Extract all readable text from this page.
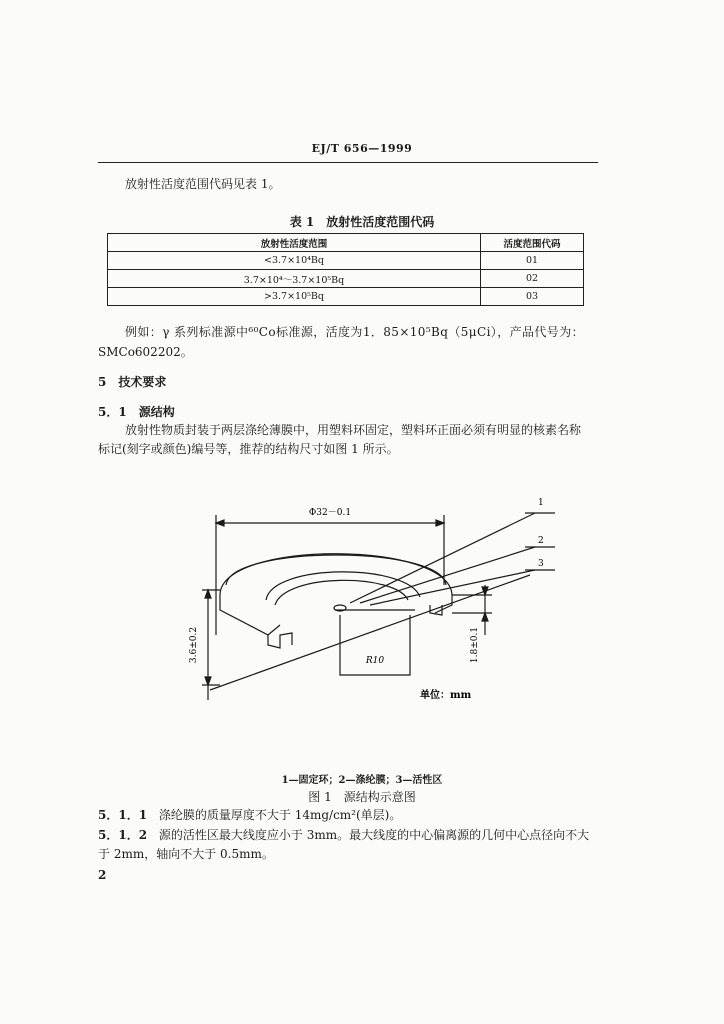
EJ/T 656—1999
放射性活度范围代码见表 1。
表 1　放射性活度范围代码
放射性活度范围	活度范围代码
<3.7×10⁴Bq	01
3.7×10⁴～3.7×10⁵Bq	02
>3.7×10⁵Bq	03
例如：γ 系列标准源中⁶⁰Co标准源，活度为1．85×10⁵Bq（5μCi），产品代号为：
SMCo602202。
5　技术要求
5．1　源结构
放射性物质封装于两层涤纶薄膜中，用塑料环固定，塑料环正面必须有明显的核素名称
标记(刻字或颜色)编号等，推荐的结构尺寸如图 1 所示。
Φ32－0.1
3.6±0.2	1.8±0.1
R10
1
2
3
单位：mm
1—固定环；2—涤纶膜；3—活性区
图 1　源结构示意图
5．1．1 涤纶膜的质量厚度不大于 14mg/cm²(单层)。
5．1．2 源的活性区最大线度应小于 3mm。最大线度的中心偏离源的几何中心点径向不大
于 2mm，轴向不大于 0.5mm。
2
